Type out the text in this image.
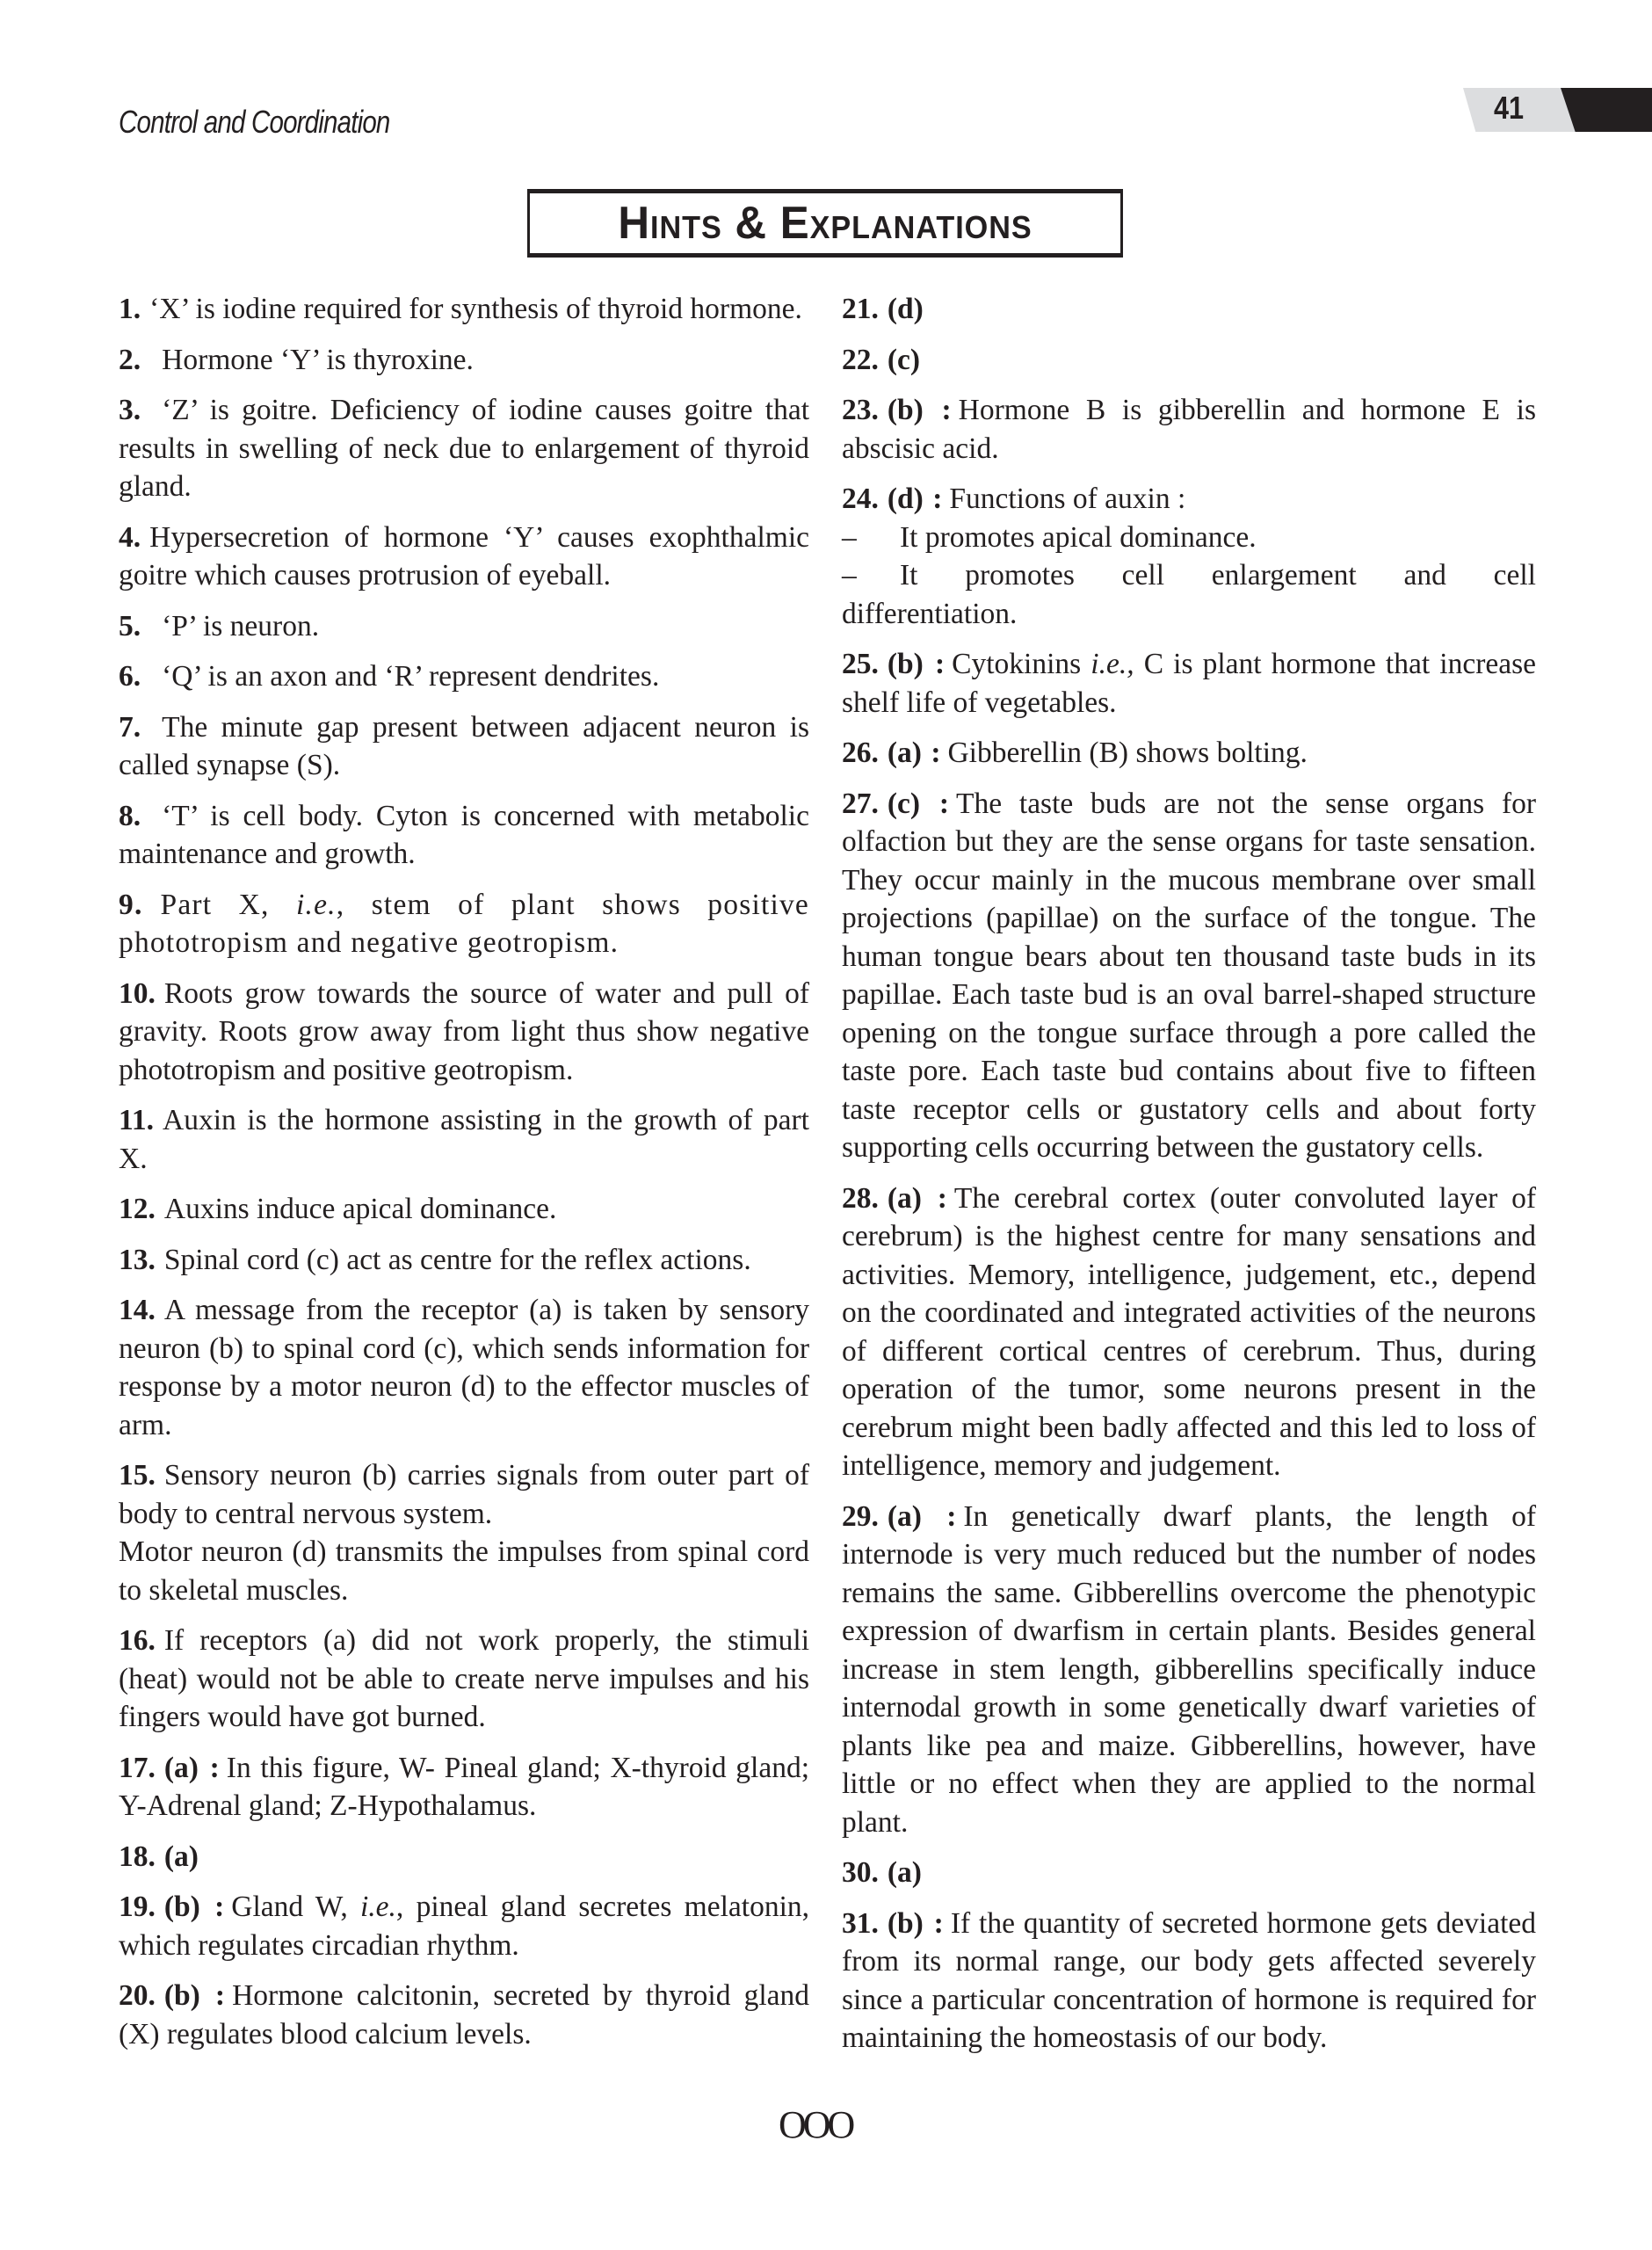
Control and Coordination	41
Hints & Explanations

1. ‘X’ is iodine required for synthesis of thyroid hormone.

2. Hormone ‘Y’ is thyroxine.

3. ‘Z’ is goitre. Deficiency of iodine causes goitre that results in swelling of neck due to enlargement of thyroid gland.

4. Hypersecretion of hormone ‘Y’ causes exophthalmic goitre which causes protrusion of eyeball.

5. ‘P’ is neuron.

6. ‘Q’ is an axon and ‘R’ represent dendrites.

7. The minute gap present between adjacent neuron is called synapse (S).

8. ‘T’ is cell body. Cyton is concerned with metabolic maintenance and growth.

9. Part X, i.e., stem of plant shows positive phototropism and negative geotropism.

10. Roots grow towards the source of water and pull of gravity. Roots grow away from light thus show negative phototropism and positive geotropism.

11. Auxin is the hormone assisting in the growth of part X.

12. Auxins induce apical dominance.

13. Spinal cord (c) act as centre for the reflex actions.

14. A message from the receptor (a) is taken by sensory neuron (b) to spinal cord (c), which sends information for response by a motor neuron (d) to the effector muscles of arm.

15. Sensory neuron (b) carries signals from outer part of body to central nervous system.
Motor neuron (d) transmits the impulses from spinal cord to skeletal muscles.

16. If receptors (a) did not work properly, the stimuli (heat) would not be able to create nerve impulses and his fingers would have got burned.

17. (a) : In this figure, W- Pineal gland; X-thyroid gland; Y-Adrenal gland; Z-Hypothalamus.

18. (a)

19. (b) : Gland W, i.e., pineal gland secretes melatonin, which regulates circadian rhythm.

20. (b) : Hormone calcitonin, secreted by thyroid gland (X) regulates blood calcium levels.

21. (d)

22. (c)

23. (b) : Hormone B is gibberellin and hormone E is abscisic acid.

24. (d) : Functions of auxin :
–	It promotes apical dominance.
– It promotes cell enlargement and cell differentiation.

25. (b) : Cytokinins i.e., C is plant hormone that increase shelf life of vegetables.

26. (a) : Gibberellin (B) shows bolting.

27. (c) : The taste buds are not the sense organs for olfaction but they are the sense organs for taste sensation. They occur mainly in the mucous membrane over small projections (papillae) on the surface of the tongue. The human tongue bears about ten thousand taste buds in its papillae. Each taste bud is an oval barrel-shaped structure opening on the tongue surface through a pore called the taste pore. Each taste bud contains about five to fifteen taste receptor cells or gustatory cells and about forty supporting cells occurring between the gustatory cells.

28. (a) : The cerebral cortex (outer convoluted layer of cerebrum) is the highest centre for many sensations and activities. Memory, intelligence, judgement, etc., depend on the coordinated and integrated activities of the neurons of different cortical centres of cerebrum. Thus, during operation of the tumor, some neurons present in the cerebrum might been badly affected and this led to loss of intelligence, memory and judgement.

29. (a) : In genetically dwarf plants, the length of internode is very much reduced but the number of nodes remains the same. Gibberellins overcome the phenotypic expression of dwarfism in certain plants. Besides general increase in stem length, gibberellins specifically induce internodal growth in some genetically dwarf varieties of plants like pea and maize. Gibberellins, however, have little or no effect when they are applied to the normal plant.

30. (a)

31. (b) : If the quantity of secreted hormone gets deviated from its normal range, our body gets affected severely since a particular concentration of hormone is required for maintaining the homeostasis of our body.

OOO
